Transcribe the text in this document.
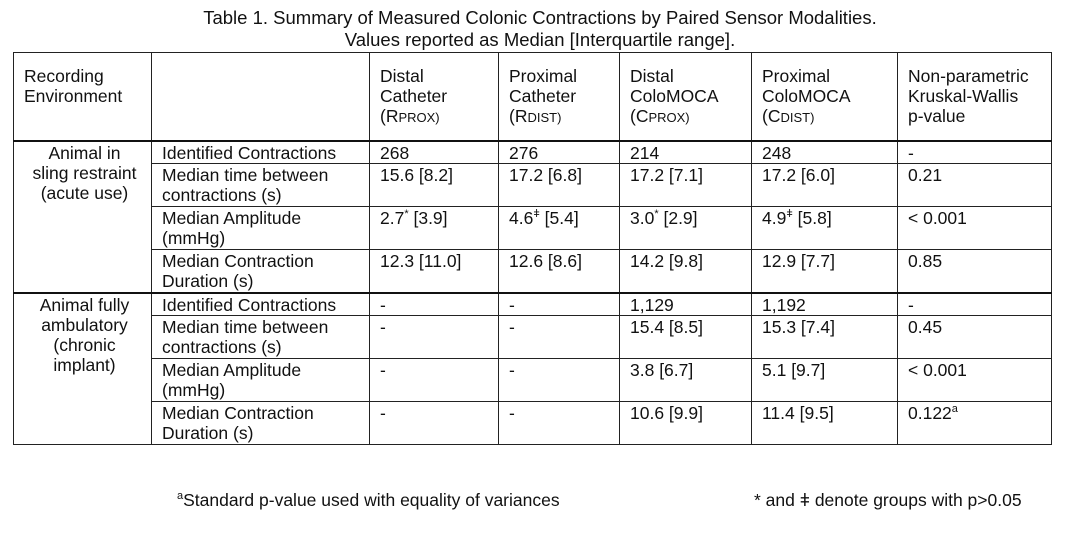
Table 1. Summary of Measured Colonic Contractions by Paired Sensor Modalities.
Values reported as Median [Interquartile range].
Recording
Environment		Distal
Catheter
(RPROX)	Proximal
Catheter
(RDIST)	Distal
ColoMOCA
(CPROX)	Proximal
ColoMOCA
(CDIST)	Non-parametric
Kruskal-Wallis
p-value

Animal in
sling restraint
(acute use)	Identified Contractions	268	276	214	248	-

	Median time between
contractions (s)	15.6 [8.2]	17.2 [6.8]	17.2 [7.1]	17.2 [6.0]	0.21

	Median Amplitude
(mmHg)	2.7* [3.9]	$4.6^ǂ$ [5.4]	3.0* [2.9]	$4.9^ǂ$ [5.8]	< 0.001

	Median Contraction
Duration (s)	12.3 [11.0]	12.6 [8.6]	14.2 [9.8]	12.9 [7.7]	0.85

Animal fully
ambulatory
(chronic
implant)	Identified Contractions	-	-	1,129	1,192	-

	Median time between
contractions (s)	-	-	15.4 [8.5]	15.3 [7.4]	0.45

	Median Amplitude
(mmHg)	-	-	3.8 [6.7]	5.1 [9.7]	< 0.001

	Median Contraction
Duration (s)	-	-	10.6 [9.9]	11.4 [9.5]	0.122$^a$
$^a$Standard p-value used with equality of variances	* and ǂ denote groups with p>0.05
